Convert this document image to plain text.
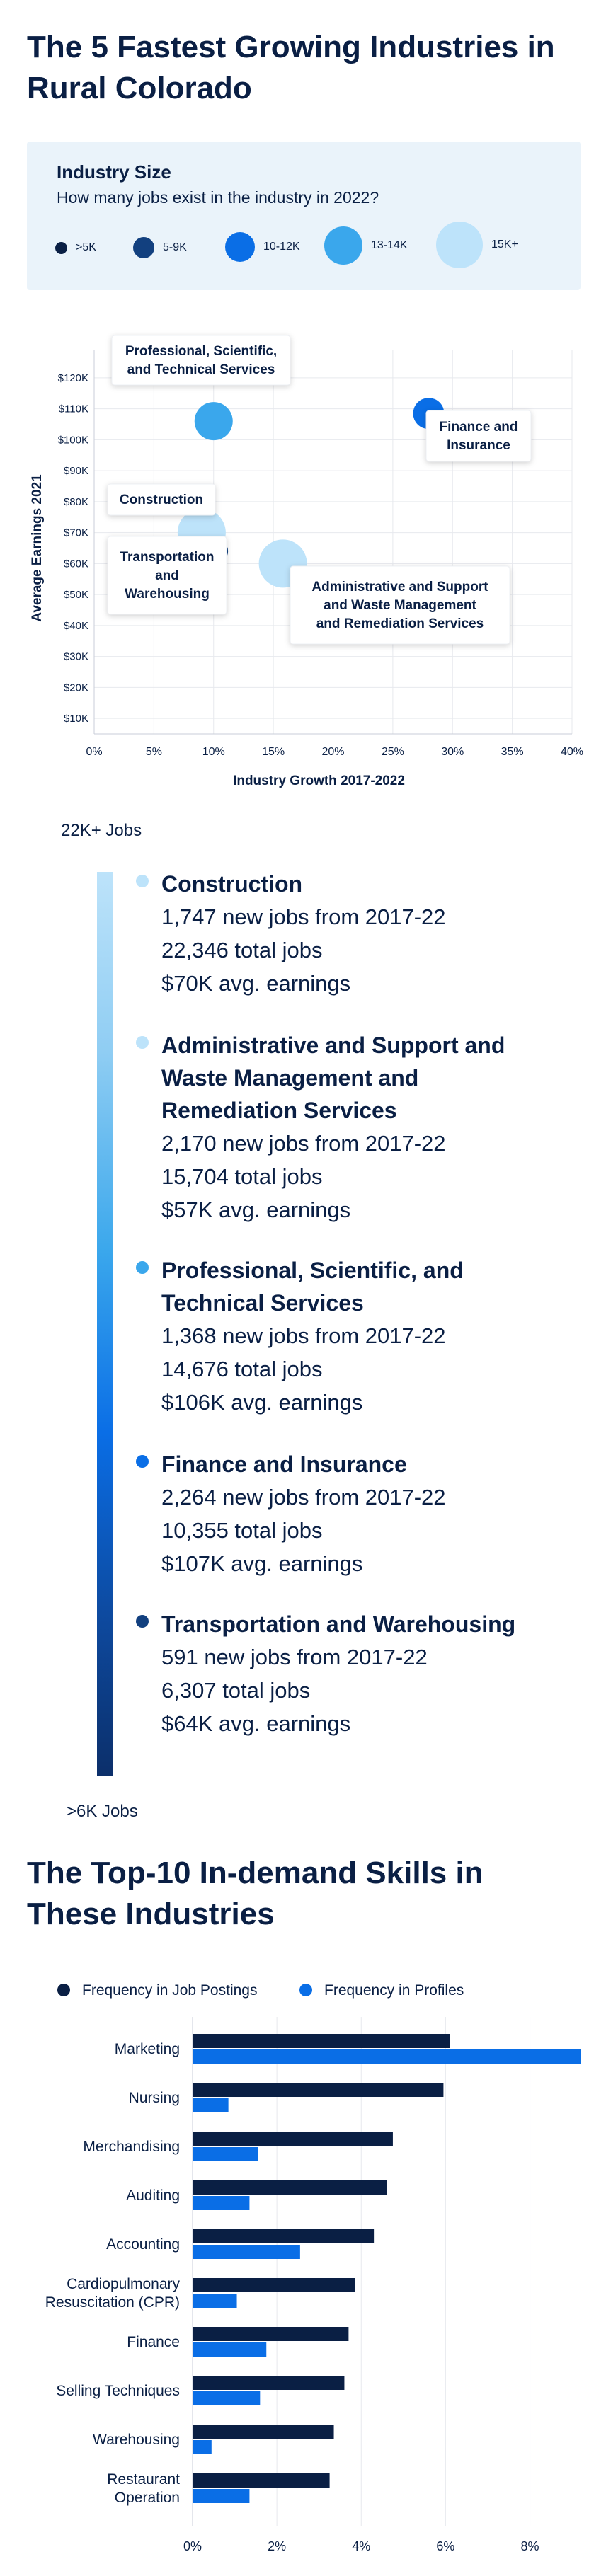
The 5 Fastest Growing Industries in Rural Colorado
Industry Size
How many jobs exist in the industry in 2022?
>5K	5-9K	10-12K	13-14K	15K+
0%	5%	10%	15%	20%	25%	30%	35%	40%
$10K
$20K
$30K
$40K
$50K
$60K
$70K
$80K
$90K
$100K
$110K
$120K
Industry Growth 2017-2022
Average Earnings 2021
Professional, Scientific,
and Technical Services
Finance and
Insurance
Construction
Transportation
and
Warehousing	Administrative and Support
and Waste Management
and Remediation Services
22K+ Jobs
>6K Jobs
Construction
1,747 new jobs from 2017-22
22,346 total jobs
$70K avg. earnings
Administrative and Support and Waste Management and Remediation Services
2,170 new jobs from 2017-22
15,704 total jobs
$57K avg. earnings
Professional, Scientific, and Technical Services
1,368 new jobs from 2017-22
14,676 total jobs
$106K avg. earnings
Finance and Insurance
2,264 new jobs from 2017-22
10,355 total jobs
$107K avg. earnings
Transportation and Warehousing
591 new jobs from 2017-22
6,307 total jobs
$64K avg. earnings
The Top-10 In-demand Skills in These Industries
Frequency in Job Postings	Frequency in Profiles
0%	2%	4%	6%	8%
Marketing
Nursing
Merchandising
Auditing
Accounting
Cardiopulmonary
Resuscitation (CPR)
Finance
Selling Techniques
Warehousing
Restaurant
Operation
